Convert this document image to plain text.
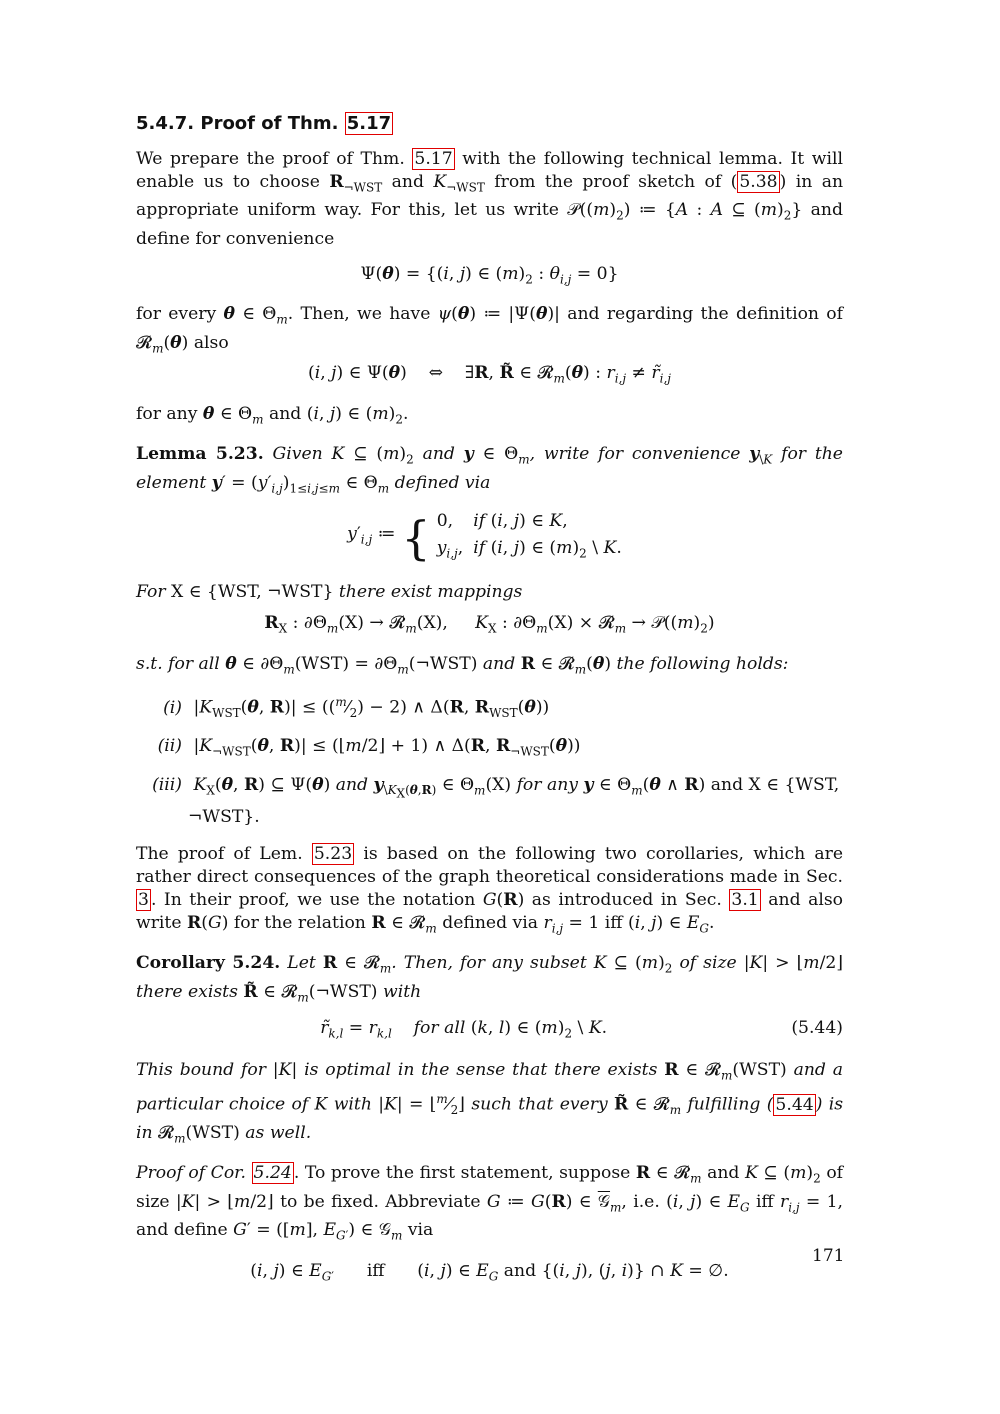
5.4.7. Proof of Thm. 5.17

We prepare the proof of Thm. 5.17 with the following technical lemma. It will enable us to choose $R_{\neg WST}$ and $K_{\neg WST}$ from the proof sketch of ( 5.38 ) in an appropriate uniform way. For this, let us write $𝒫((m)_2)$ ≔ {A : A ⊆ $(m)_2$} and define for convenience

Ψ(θ) = {(i, j) ∈ $(m)_2$ : $\theta_{i,j} = 0$}

for every θ ∈ $\Theta_m$. Then, we have ψ(θ) ≔ |Ψ(θ)| and regarding the definition of 𝓡$_m$(θ) also

(i, j) ∈ Ψ(θ)    ⇔    ∃R, R̃ ∈ 𝓡$_m$(θ) : $r_{i,j}$ ≠ $r̃_{i,j}$

for any θ ∈ $\Theta_m$ and (i, j) ∈ $(m)_2$.

Lemma 5.23. Given K ⊆ $(m)_2$ and y ∈ $\Theta_m$, write for convenience $y_{\backslash K}$ for the element $y' = (y'_{i,j})_{1\le i,j\le m}$ ∈ $\Theta_m$ defined via

$y'_{i,j}$ ≔ { 0,	if (i, j) ∈ K,
$y_{i,j}$,	if (i, j) ∈ $(m)_2$ \ K.

For X ∈ {WST, ¬WST} there exist mappings

$R_X$ : $\partial\Theta_m(X)$ → 𝓡$_m$(X),     $K_X$ : $\partial\Theta_m(X)$ × 𝓡$_m$ → $𝒫((m)_2)$

s.t. for all θ ∈ $\partial\Theta_m(WST)$ = $\partial\Theta_m(\neg WST)$ and R ∈ 𝓡$_m$(θ) the following holds:

(i) $|K_{WST}(\theta$, $R)| \le ((^m⁄_2) - 2)$ ∧ Δ(R, $R_{WST}(\theta)$)
(ii) $|K_{\neg WST}(\theta$, R)| ≤ (⌊m/2⌋ + 1) ∧ Δ(R, $R_{\neg WST}(\theta)$)
(iii) $K_X(\theta$, R) ⊆ Ψ(θ) and $y_{\backslash K_X(\theta,R)}$ ∈ $\Theta_m(X)$ for any y ∈ $\Theta_m(\theta$ ∧ R) and X ∈ {WST, ¬WST}.

The proof of Lem. 5.23 is based on the following two corollaries, which are rather direct consequences of the graph theoretical considerations made in Sec. 3 . In their proof, we use the notation G(R) as introduced in Sec. 3.1 and also write R(G) for the relation R ∈ 𝓡$_m$ defined via $r_{i,j} = 1$ iff (i, j) ∈ $E_G$.

Corollary 5.24. Let R ∈ 𝓡$_m$. Then, for any subset K ⊆ $(m)_2$ of size |K| > ⌊m/2⌋ there exists R̃ ∈ 𝓡$_m$(¬WST) with

$r̃_{k,l} = r_{k,l}$ for all (k, l) ∈ $(m)_2$ \ K.	(5.44)

This bound for |K| is optimal in the sense that there exists R ∈ 𝓡$_m$(WST) and a particular choice of K with $|K| = ⌊^m⁄_2⌋$ such that every R̃ ∈ 𝓡$_m$ fulfilling ( 5.44 ) is in 𝓡$_m$(WST) as well.

Proof of Cor. 5.24 . To prove the first statement, suppose R ∈ 𝓡$_m$ and K ⊆ $(m)_2$ of size |K| > ⌊m/2⌋ to be fixed. Abbreviate G ≔ G(R) ∈ 𝒢$_m$, i.e. (i, j) ∈ $E_G$ iff $r_{i,j} = 1$, and define G′ = ([m], $E_{G'}$) ∈ 𝒢$_m$ via

(i, j) ∈ $E_{G'}$ iff      (i, j) ∈ $E_G$ and {(i, j), (j, i)} ∩ K = ∅.
171
